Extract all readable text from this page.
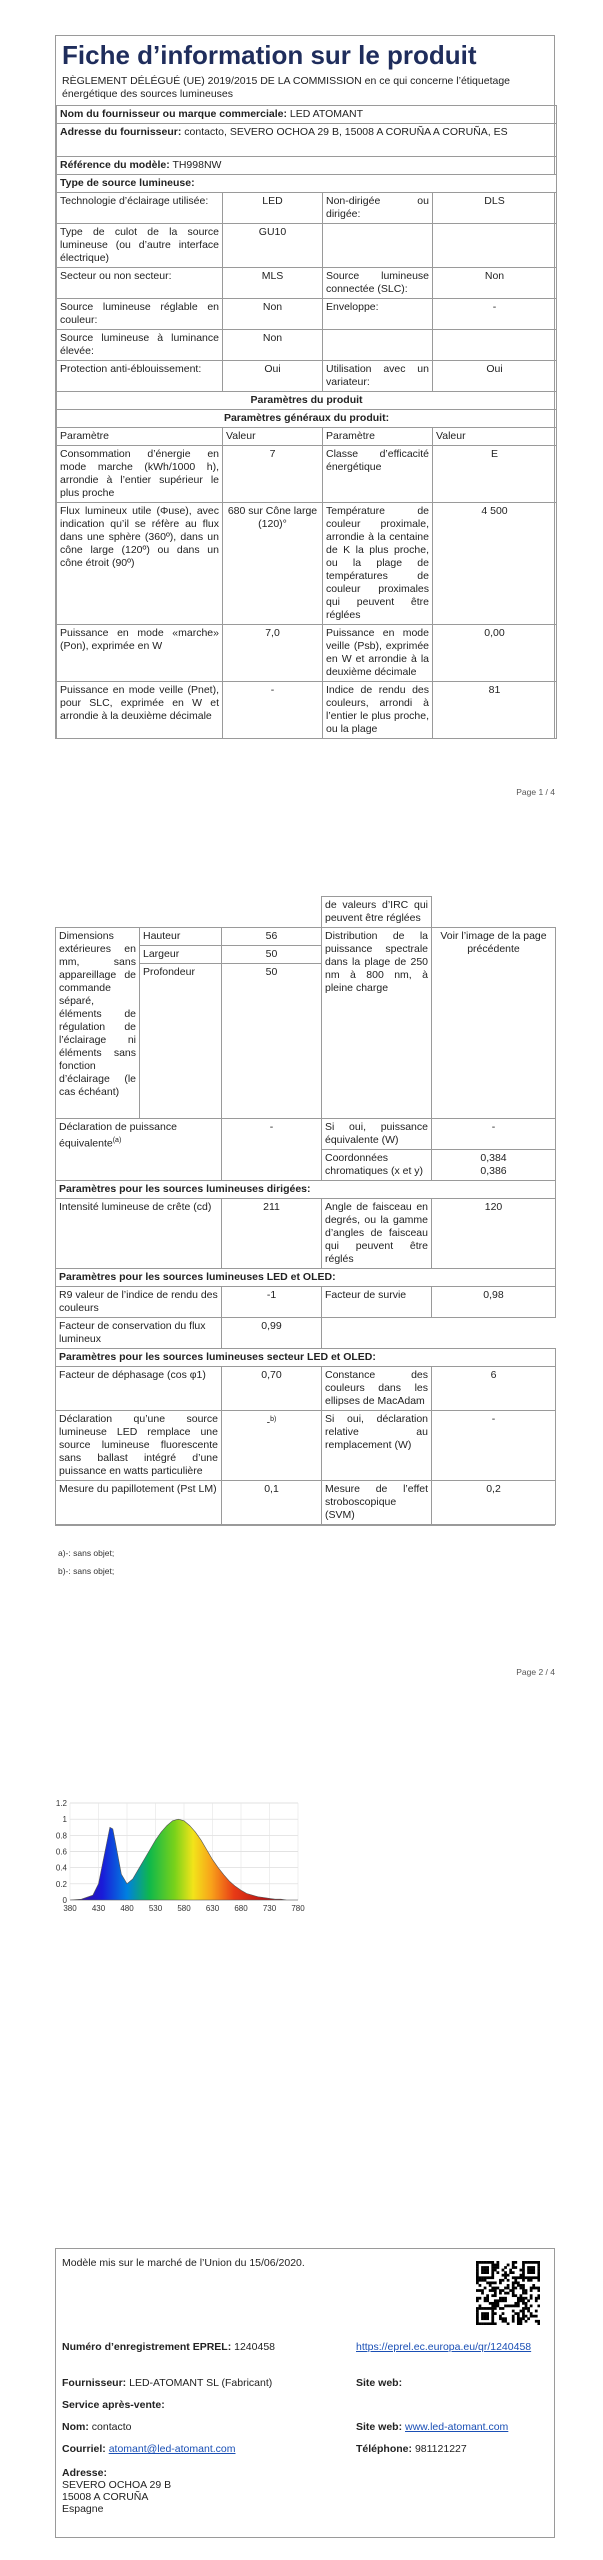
Fiche d’information sur le produit
RÈGLEMENT DÉLÉGUÉ (UE) 2019/2015 DE LA COMMISSION en ce qui concerne l’étiquetage énergétique des sources lumineuses
Nom du fournisseur ou marque commerciale: LED ATOMANT			
Adresse du fournisseur: contacto, SEVERO OCHOA 29 B, 15008 A CORUÑA A CORUÑA, ES			
Référence du modèle: TH998NW			
Type de source lumineuse:			
Technologie d’éclairage utilisée:	LED	Non-dirigée ou dirigée:	DLS
Type de culot de la source lumineuse (ou d’autre interface électrique)	GU10		
Secteur ou non secteur:	MLS	Source lumineuse connectée (SLC):	Non
Source lumineuse réglable en couleur:	Non	Enveloppe:	-
Source lumineuse à luminance élevée:	Non		
Protection anti-éblouissement:	Oui	Utilisation avec un variateur:	Oui
Paramètres du produit			
Paramètres généraux du produit:			
Paramètre	Valeur	Paramètre	Valeur
Consommation d’énergie en mode marche (kWh/1000 h), arrondie à l’entier supérieur le plus proche	7	Classe d’efficacité énergétique	E
Flux lumineux utile (Φuse), avec indication qu’il se réfère au flux dans une sphère (360º), dans un cône large (120º) ou dans un cône étroit (90º)	680 sur Cône large (120)°	Température de couleur proximale, arrondie à la centaine de K la plus proche, ou la plage de températures de couleur proximales qui peuvent être réglées	4 500
Puissance en mode «marche» (Pon), exprimée en W	7,0	Puissance en mode veille (Psb), exprimée en W et arrondie à la deuxième décimale	0,00
Puissance en mode veille (Pnet), pour SLC, exprimée en W et arrondie à la deuxième décimale	-	Indice de rendu des couleurs, arrondi à l’entier le plus proche, ou la plage	81
Page 1 / 4
			de valeurs d’IRC qui peuvent être réglées	
Dimensions extérieures en mm, sans appareillage de commande séparé, éléments de régulation de l’éclairage ni éléments sans fonction d’éclairage (le cas échéant)	Hauteur	56	Distribution de la puissance spectrale dans la plage de 250 nm à 800 nm, à pleine charge	Voir l’image de la page précédente
	Largeur	50		
	Profondeur	50		
Déclaration de puissance équivalente$^{(a)}$		-	Si oui, puissance équivalente (W)	-
			Coordonnées chromatiques (x et y)	0,384
0,386

Paramètres pour les sources lumineuses dirigées:				
Intensité lumineuse de crête (cd)		211	Angle de faisceau en degrés, ou la gamme d’angles de faisceau qui peuvent être réglés	120
Paramètres pour les sources lumineuses LED et OLED:				
R9 valeur de l’indice de rendu des couleurs		-1	Facteur de survie	0,98
Facteur de conservation du flux lumineux		0,99		
Paramètres pour les sources lumineuses secteur LED et OLED:				
Facteur de déphasage (cos φ1)		0,70	Constance des couleurs dans les ellipses de MacAdam	6
Déclaration qu’une source lumineuse LED remplace une source lumineuse fluorescente sans ballast intégré d’une puissance en watts particulière		-$^{b)}$	Si oui, déclaration relative au remplacement (W)	-
Mesure du papillotement (Pst LM)		0,1	Mesure de l’effet stroboscopique (SVM)	0,2
a)-: sans objet;
b)-: sans objet;
Page 2 / 4
0
0.2
0.4
0.6
0.8
1
1.2
380 430 480 530 580 630 680 730 780
Modèle mis sur le marché de l’Union du 15/06/2020.
Numéro d’enregistrement EPREL: 1240458	https://eprel.ec.europa.eu/qr/1240458
Fournisseur: LED-ATOMANT SL (Fabricant)	Site web:
Service après-vente:
Nom: contacto	Site web: www.led-atomant.com
Courriel: atomant@led-atomant.com	Téléphone: 981121227
Adresse:
SEVERO OCHOA 29 B
15008 A CORUÑA
Espagne
